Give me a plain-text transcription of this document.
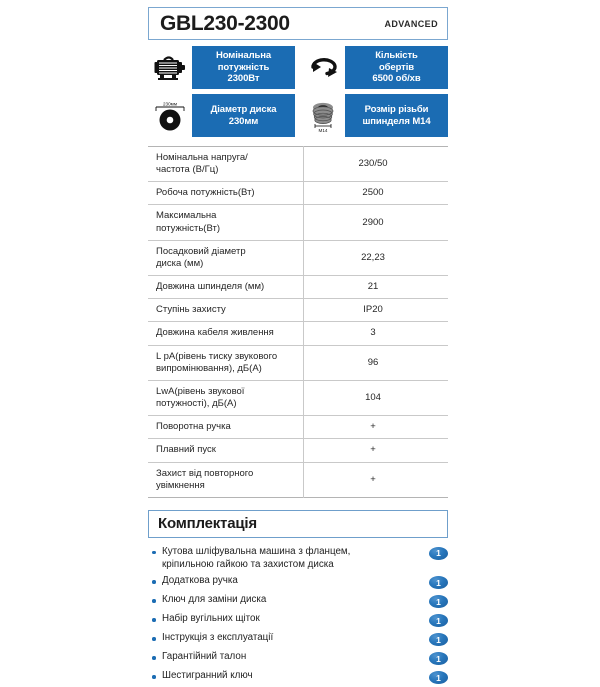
GBL230-2300	ADVANCED
Номінальна
потужність
2300Вт
Кількість
обертів
6500 об/хв
230мм
Діаметр диска
230мм
M14
Розмір різьби
шпинделя М14
Номінальна напруга/
частота (В/Гц)	230/50

Робоча потужність(Вт)	2500

Максимальна
потужність(Вт)	2900

Посадковий діаметр
диска (мм)	22,23

Довжина шпинделя (мм)	21

Ступінь захисту	IP20

Довжина кабеля живлення	3

L pA(рівень тиску звукового
випромінювання), дБ(А)	96

LwA(рівень звукової
потужності), дБ(А)	104

Поворотна ручка	+

Плавний пуск	+

Захист від повторного
увімкнення	+
Комплектація
Кутова шліфувальна машина з фланцем,
кріпильною гайкою та захистом диска
1
Додаткова ручка	1
Ключ для заміни диска	1
Набір вугільних щіток	1
Інструкція з експлуатації	1
Гарантійний талон	1
Шестигранний ключ	1
